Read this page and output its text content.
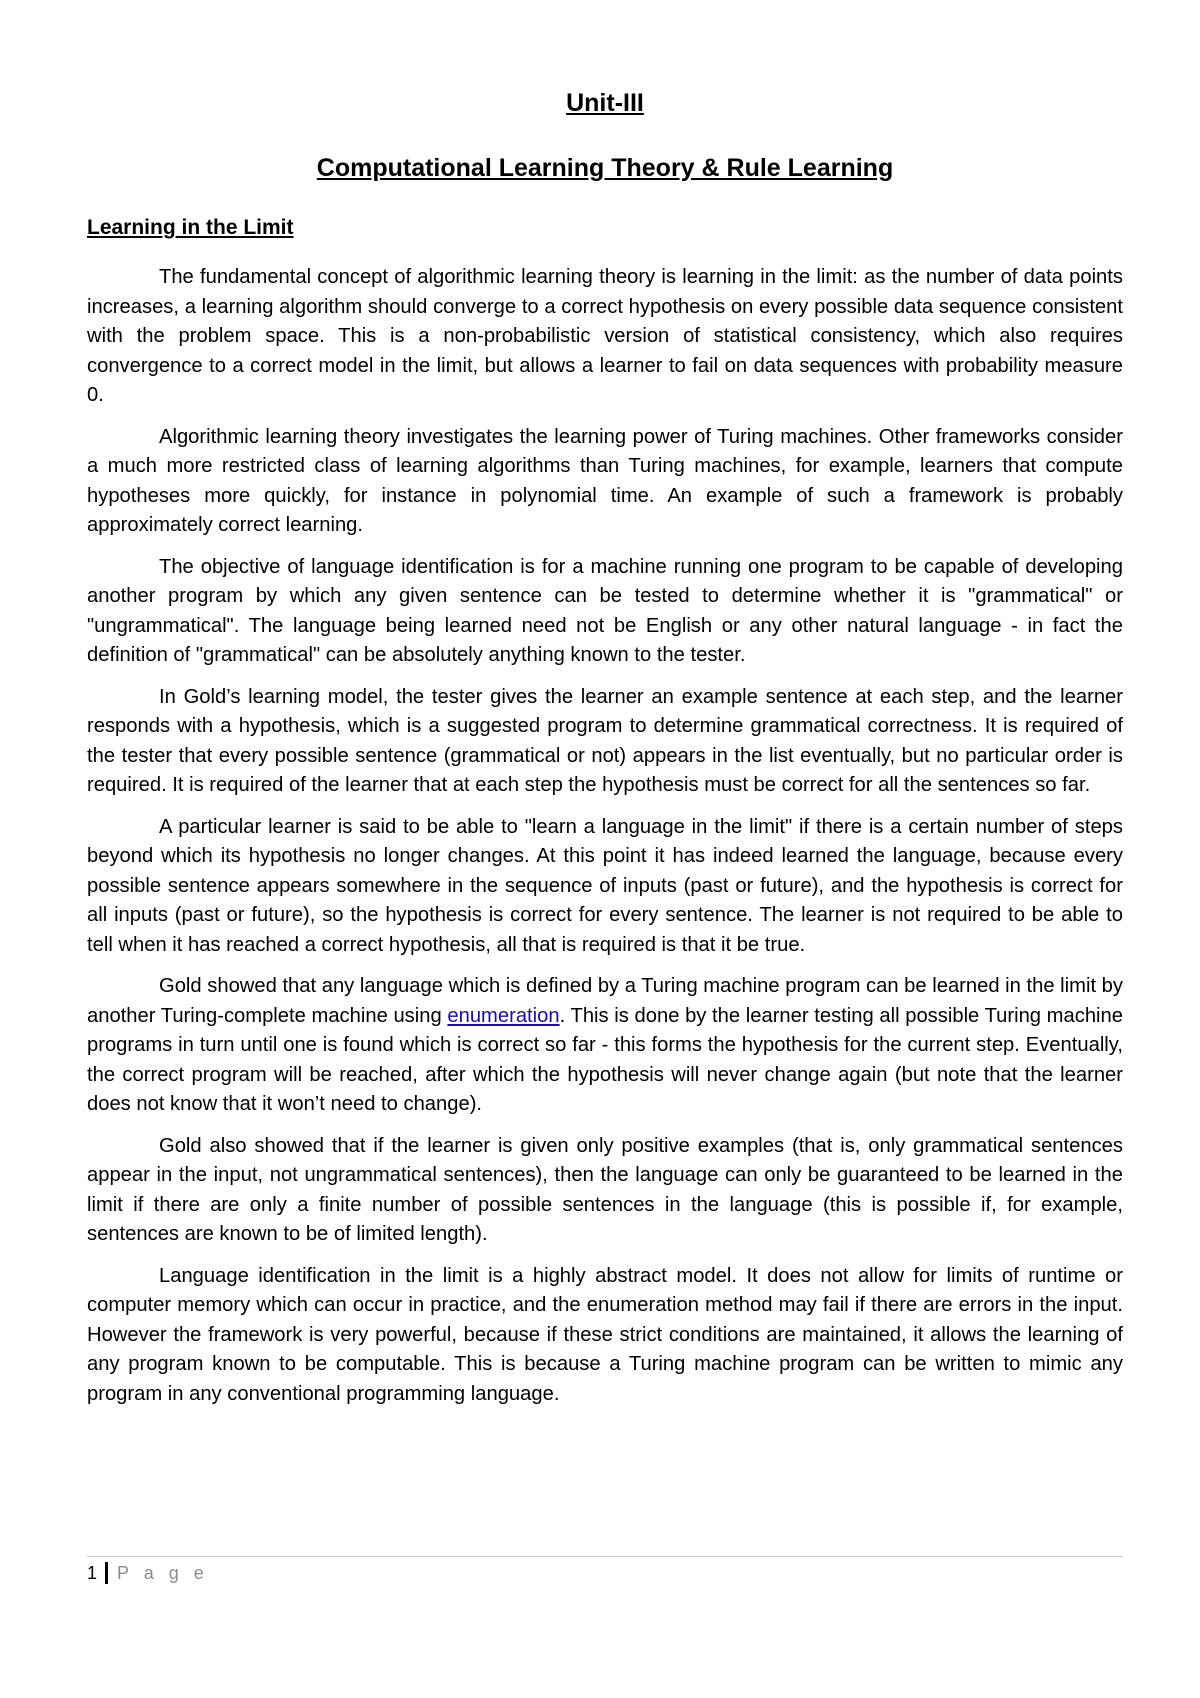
Unit-III

Computational Learning Theory & Rule Learning

Learning in the Limit

The fundamental concept of algorithmic learning theory is learning in the limit: as the number of data points increases, a learning algorithm should converge to a correct hypothesis on every possible data sequence consistent with the problem space. This is a non-probabilistic version of statistical consistency, which also requires convergence to a correct model in the limit, but allows a learner to fail on data sequences with probability measure 0.

Algorithmic learning theory investigates the learning power of Turing machines. Other frameworks consider a much more restricted class of learning algorithms than Turing machines, for example, learners that compute hypotheses more quickly, for instance in polynomial time. An example of such a framework is probably approximately correct learning.

The objective of language identification is for a machine running one program to be capable of developing another program by which any given sentence can be tested to determine whether it is "grammatical" or "ungrammatical". The language being learned need not be English or any other natural language - in fact the definition of "grammatical" can be absolutely anything known to the tester.

In Gold’s learning model, the tester gives the learner an example sentence at each step, and the learner responds with a hypothesis, which is a suggested program to determine grammatical correctness. It is required of the tester that every possible sentence (grammatical or not) appears in the list eventually, but no particular order is required. It is required of the learner that at each step the hypothesis must be correct for all the sentences so far.

A particular learner is said to be able to "learn a language in the limit" if there is a certain number of steps beyond which its hypothesis no longer changes. At this point it has indeed learned the language, because every possible sentence appears somewhere in the sequence of inputs (past or future), and the hypothesis is correct for all inputs (past or future), so the hypothesis is correct for every sentence. The learner is not required to be able to tell when it has reached a correct hypothesis, all that is required is that it be true.

Gold showed that any language which is defined by a Turing machine program can be learned in the limit by another Turing-complete machine using enumeration. This is done by the learner testing all possible Turing machine programs in turn until one is found which is correct so far - this forms the hypothesis for the current step. Eventually, the correct program will be reached, after which the hypothesis will never change again (but note that the learner does not know that it won’t need to change).

Gold also showed that if the learner is given only positive examples (that is, only grammatical sentences appear in the input, not ungrammatical sentences), then the language can only be guaranteed to be learned in the limit if there are only a finite number of possible sentences in the language (this is possible if, for example, sentences are known to be of limited length).

Language identification in the limit is a highly abstract model. It does not allow for limits of runtime or computer memory which can occur in practice, and the enumeration method may fail if there are errors in the input. However the framework is very powerful, because if these strict conditions are maintained, it allows the learning of any program known to be computable. This is because a Turing machine program can be written to mimic any program in any conventional programming language.

1 P a g e
